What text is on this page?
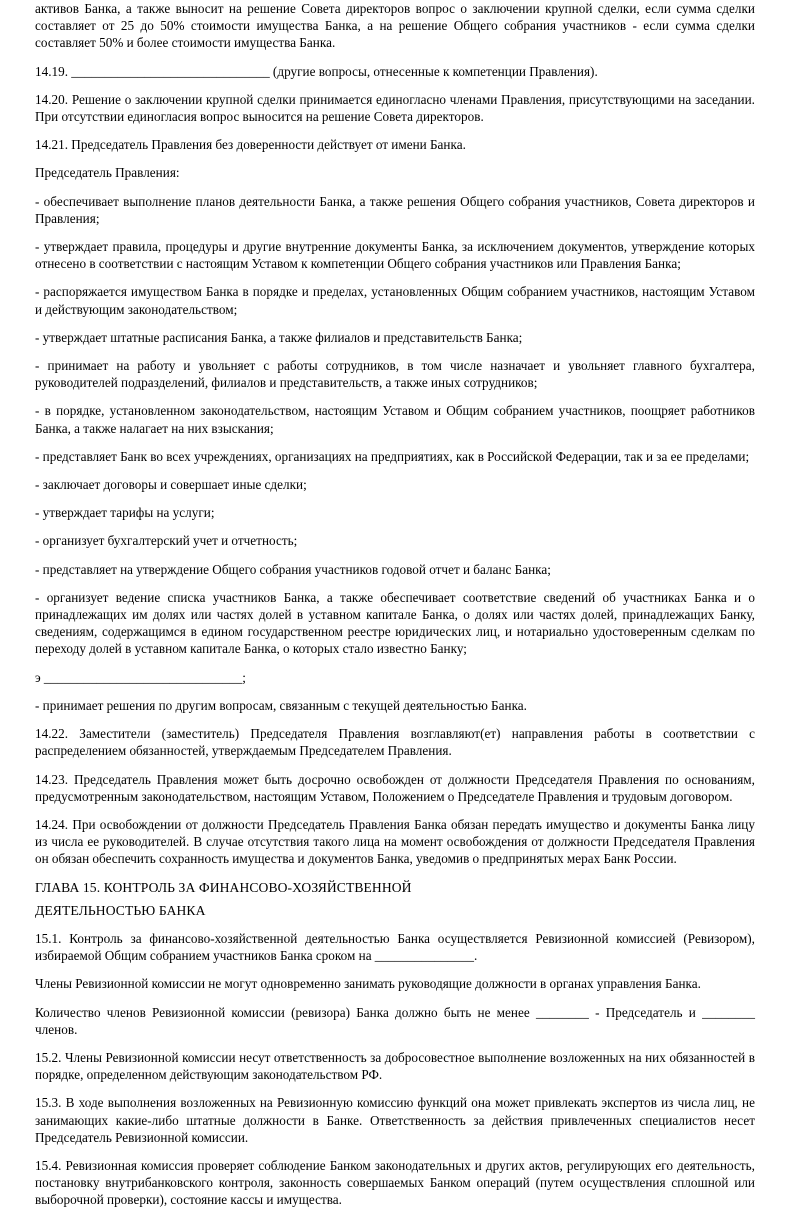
активов Банка, а также выносит на решение Совета директоров вопрос о заключении крупной сделки, если сумма сделки составляет от 25 до 50% стоимости имущества Банка, а на решение Общего собрания участников - если сумма сделки составляет 50% и более стоимости имущества Банка.

14.19. ______________________________ (другие вопросы, отнесенные к компетенции Правления).

14.20. Решение о заключении крупной сделки принимается единогласно членами Правления, присутствующими на заседании. При отсутствии единогласия вопрос выносится на решение Совета директоров.

14.21. Председатель Правления без доверенности действует от имени Банка.

Председатель Правления:

- обеспечивает выполнение планов деятельности Банка, а также решения Общего собрания участников, Совета директоров и Правления;

- утверждает правила, процедуры и другие внутренние документы Банка, за исключением документов, утверждение которых отнесено в соответствии с настоящим Уставом к компетенции Общего собрания участников или Правления Банка;

- распоряжается имуществом Банка в порядке и пределах, установленных Общим собранием участников, настоящим Уставом и действующим законодательством;

- утверждает штатные расписания Банка, а также филиалов и представительств Банка;

- принимает на работу и увольняет с работы сотрудников, в том числе назначает и увольняет главного бухгалтера, руководителей подразделений, филиалов и представительств, а также иных сотрудников;

- в порядке, установленном законодательством, настоящим Уставом и Общим собранием участников, поощряет работников Банка, а также налагает на них взыскания;

- представляет Банк во всех учреждениях, организациях на предприятиях, как в Российской Федерации, так и за ее пределами;

- заключает договоры и совершает иные сделки;

- утверждает тарифы на услуги;

- организует бухгалтерский учет и отчетность;

- представляет на утверждение Общего собрания участников годовой отчет и баланс Банка;

- организует ведение списка участников Банка, а также обеспечивает соответствие сведений об участниках Банка и о принадлежащих им долях или частях долей в уставном капитале Банка, о долях или частях долей, принадлежащих Банку, сведениям, содержащимся в едином государственном реестре юридических лиц, и нотариально удостоверенным сделкам по переходу долей в уставном капитале Банка, о которых стало известно Банку;

э ______________________________;

- принимает решения по другим вопросам, связанным с текущей деятельностью Банка.

14.22. Заместители (заместитель) Председателя Правления возглавляют(ет) направления работы в соответствии с распределением обязанностей, утверждаемым Председателем Правления.

14.23. Председатель Правления может быть досрочно освобожден от должности Председателя Правления по основаниям, предусмотренным законодательством, настоящим Уставом, Положением о Председателе Правления и трудовым договором.

14.24. При освобождении от должности Председатель Правления Банка обязан передать имущество и документы Банка лицу из числа ее руководителей. В случае отсутствия такого лица на момент освобождения от должности Председателя Правления он обязан обеспечить сохранность имущества и документов Банка, уведомив о предпринятых мерах Банк России.

ГЛАВА 15. КОНТРОЛЬ ЗА ФИНАНСОВО-ХОЗЯЙСТВЕННОЙ

ДЕЯТЕЛЬНОСТЬЮ БАНКА

15.1. Контроль за финансово-хозяйственной деятельностью Банка осуществляется Ревизионной комиссией (Ревизором), избираемой Общим собранием участников Банка сроком на _______________.

Члены Ревизионной комиссии не могут одновременно занимать руководящие должности в органах управления Банка.

Количество членов Ревизионной комиссии (ревизора) Банка должно быть не менее ________ - Председатель и ________ членов.

15.2. Члены Ревизионной комиссии несут ответственность за добросовестное выполнение возложенных на них обязанностей в порядке, определенном действующим законодательством РФ.

15.3. В ходе выполнения возложенных на Ревизионную комиссию функций она может привлекать экспертов из числа лиц, не занимающих какие-либо штатные должности в Банке. Ответственность за действия привлеченных специалистов несет Председатель Ревизионной комиссии.

15.4. Ревизионная комиссия проверяет соблюдение Банком законодательных и других актов, регулирующих его деятельность, постановку внутрибанковского контроля, законность совершаемых Банком операций (путем осуществления сплошной или выборочной проверки), состояние кассы и имущества.
